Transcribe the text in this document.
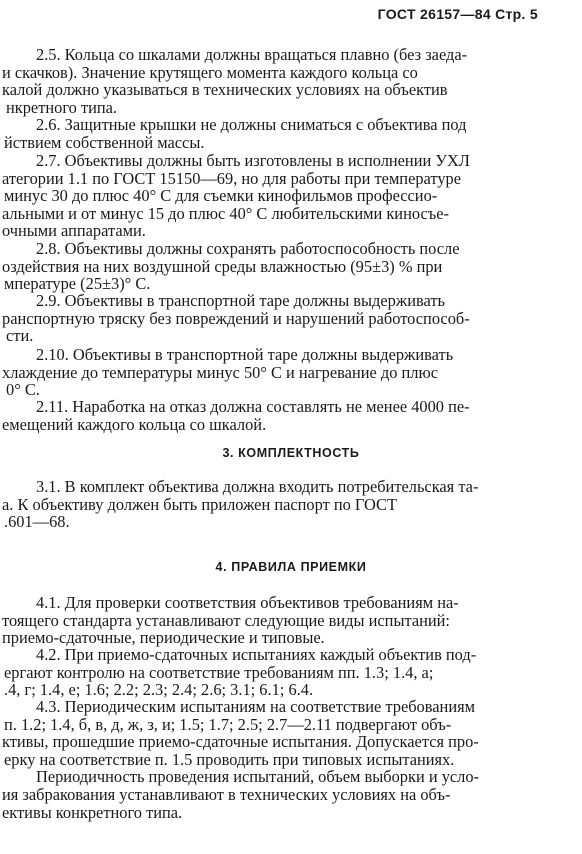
ГОСТ 26157—84 Стр. 5
2.5. Кольца со шкалами должны вращаться плавно (без заеда-
и скачков). Значение крутящего момента каждого кольца со
калой должно указываться в технических условиях на объектив
нкретного типа.
2.6. Защитные крышки не должны сниматься с объектива под
йствием собственной массы.
2.7. Объективы должны быть изготовлены в исполнении УХЛ
атегории 1.1 по ГОСТ 15150—69, но для работы при температуре
минус 30 до плюс 40° С для съемки кинофильмов профессио-
альными и от минус 15 до плюс 40° С любительскими киносъе-
очными аппаратами.
2.8. Объективы должны сохранять работоспособность после
оздействия на них воздушной среды влажностью (95±3) % при
мпературе (25±3)° С.
2.9. Объективы в транспортной таре должны выдерживать
ранспортную тряску без повреждений и нарушений работоспособ-
сти.
2.10. Объективы в транспортной таре должны выдерживать
хлаждение до температуры минус 50° С и нагревание до плюс
0° С.
2.11. Наработка на отказ должна составлять не менее 4000 пе-
емещений каждого кольца со шкалой.
3. КОМПЛЕКТНОСТЬ
3.1. В комплект объектива должна входить потребительская та-
а. К объективу должен быть приложен паспорт по ГОСТ
.601—68.
4. ПРАВИЛА ПРИЕМКИ
4.1. Для проверки соответствия объективов требованиям на-
тоящего стандарта устанавливают следующие виды испытаний:
приемо-сдаточные, периодические и типовые.
4.2. При приемо-сдаточных испытаниях каждый объектив под-
ергают контролю на соответствие требованиям пп. 1.3; 1.4, а;
.4, г; 1.4, е; 1.6; 2.2; 2.3; 2.4; 2.6; 3.1; 6.1; 6.4.
4.3. Периодическим испытаниям на соответствие требованиям
п. 1.2; 1.4, б, в, д, ж, з, и; 1.5; 1.7; 2.5; 2.7—2.11 подвергают объ-
ктивы, прошедшие приемо-сдаточные испытания. Допускается про-
ерку на соответствие п. 1.5 проводить при типовых испытаниях.
Периодичность проведения испытаний, объем выборки и усло-
ия забракования устанавливают в технических условиях на объ-
ективы конкретного типа.
